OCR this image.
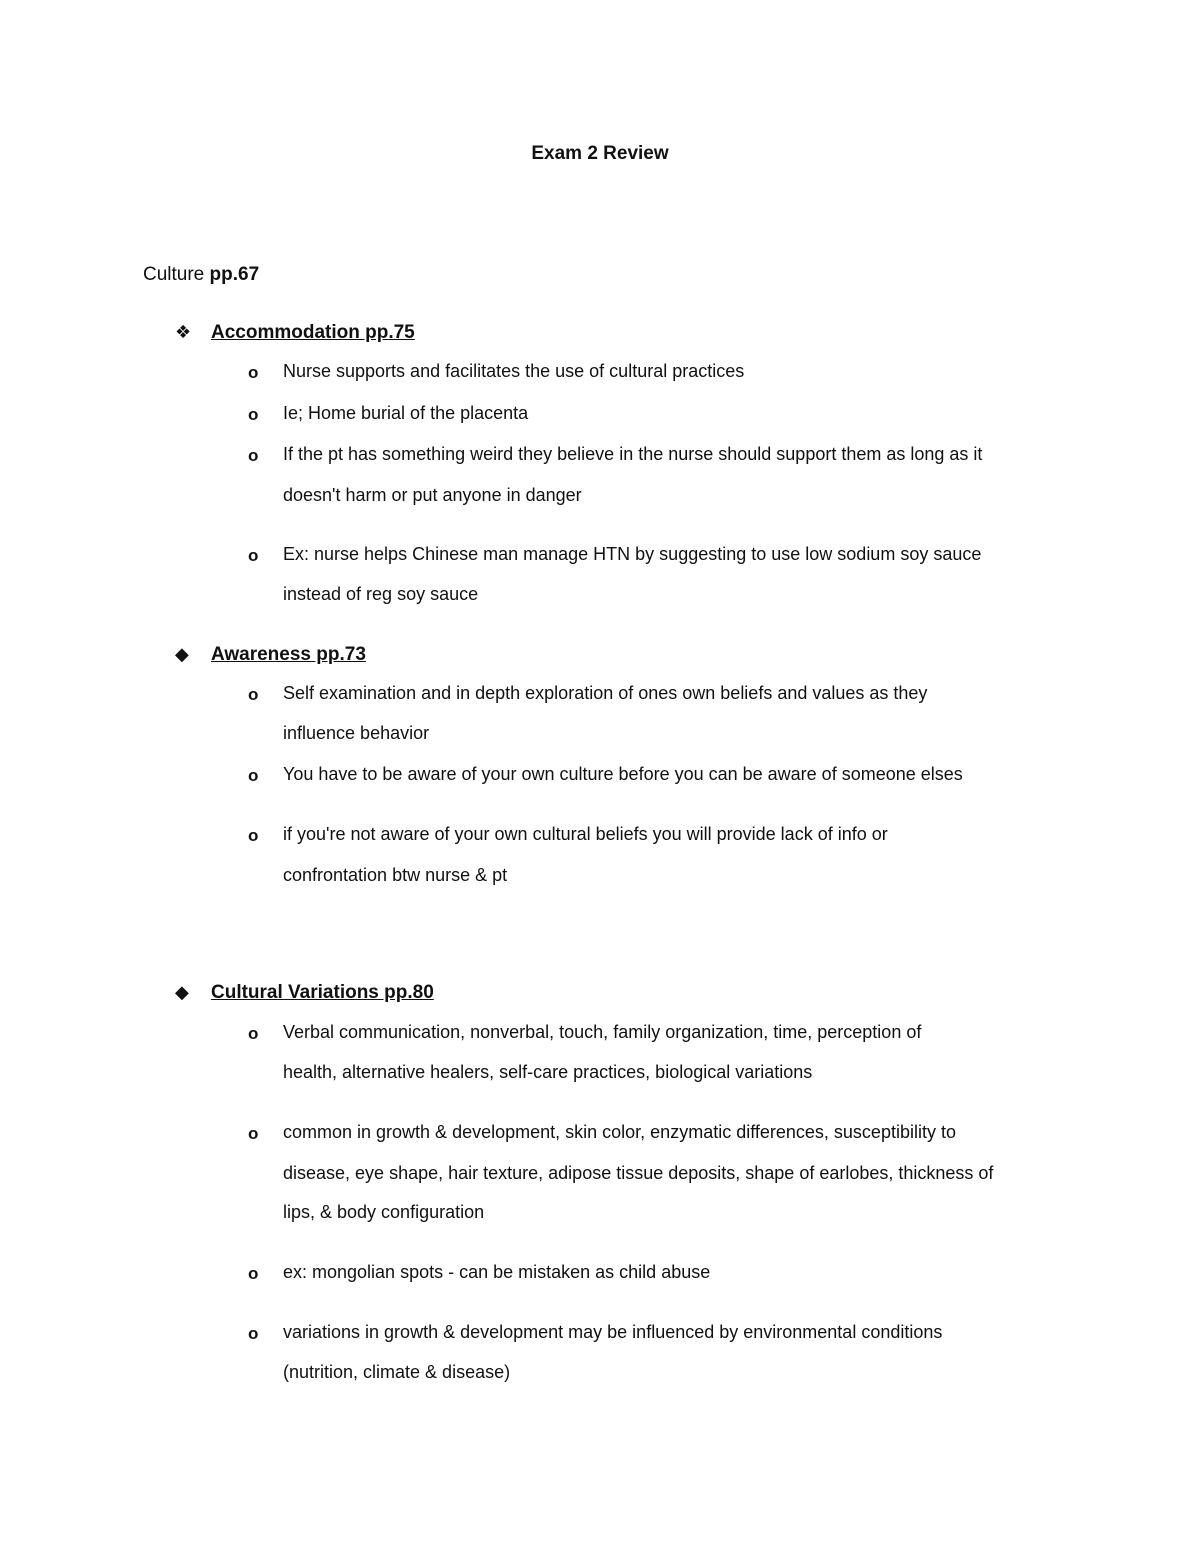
Exam 2 Review
Culture pp.67
❖ Accommodation pp.75
o Nurse supports and facilitates the use of cultural practices
o Ie; Home burial of the placenta
o If the pt has something weird they believe in the nurse should support them as long as it
doesn't harm or put anyone in danger
o Ex: nurse helps Chinese man manage HTN by suggesting to use low sodium soy sauce
instead of reg soy sauce
◆ Awareness pp.73
o Self examination and in depth exploration of ones own beliefs and values as they
influence behavior
o You have to be aware of your own culture before you can be aware of someone elses
o if you're not aware of your own cultural beliefs you will provide lack of info or
confrontation btw nurse & pt
◆ Cultural Variations pp.80
o Verbal communication, nonverbal, touch, family organization, time, perception of
health, alternative healers, self-care practices, biological variations
o common in growth & development, skin color, enzymatic differences, susceptibility to
disease, eye shape, hair texture, adipose tissue deposits, shape of earlobes, thickness of
lips, & body configuration
o ex: mongolian spots - can be mistaken as child abuse
o variations in growth & development may be influenced by environmental conditions
(nutrition, climate & disease)
